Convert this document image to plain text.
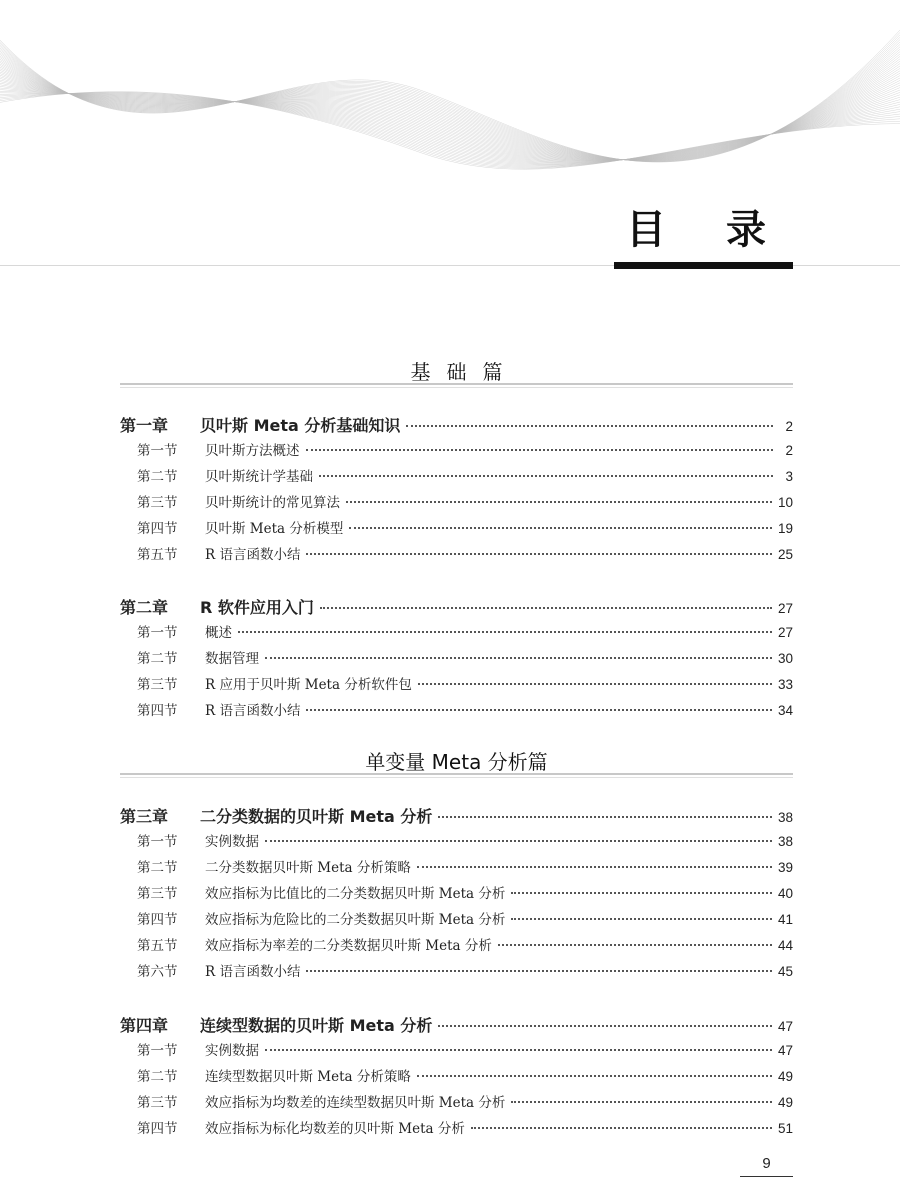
目录
基础篇
第一章	贝叶斯 Meta 分析基础知识	2
第一节	贝叶斯方法概述	2
第二节	贝叶斯统计学基础	3
第三节	贝叶斯统计的常见算法	10
第四节	贝叶斯 Meta 分析模型	19
第五节	R 语言函数小结	25
第二章	R 软件应用入门	27
第一节	概述	27
第二节	数据管理	30
第三节	R 应用于贝叶斯 Meta 分析软件包	33
第四节	R 语言函数小结	34
单变量 Meta 分析篇
第三章	二分类数据的贝叶斯 Meta 分析	38
第一节	实例数据	38
第二节	二分类数据贝叶斯 Meta 分析策略	39
第三节	效应指标为比值比的二分类数据贝叶斯 Meta 分析	40
第四节	效应指标为危险比的二分类数据贝叶斯 Meta 分析	41
第五节	效应指标为率差的二分类数据贝叶斯 Meta 分析	44
第六节	R 语言函数小结	45
第四章	连续型数据的贝叶斯 Meta 分析	47
第一节	实例数据	47
第二节	连续型数据贝叶斯 Meta 分析策略	49
第三节	效应指标为均数差的连续型数据贝叶斯 Meta 分析	49
第四节	效应指标为标化均数差的贝叶斯 Meta 分析	51
9
